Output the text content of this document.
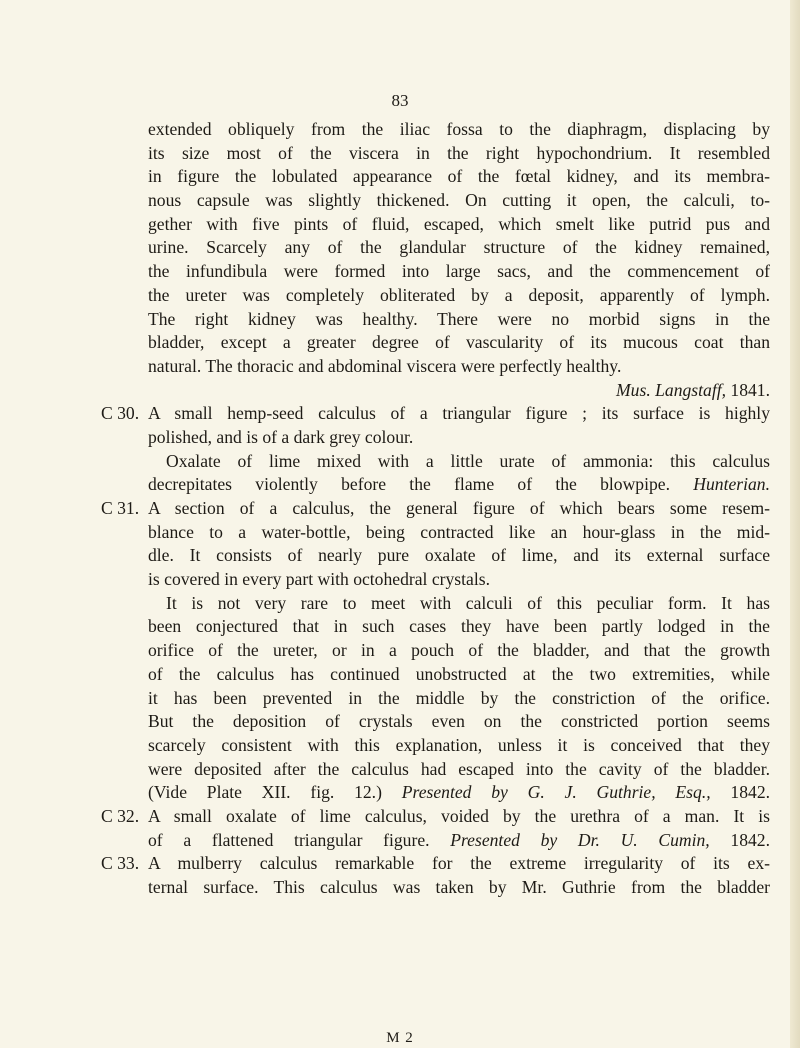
83
extended obliquely from the iliac fossa to the diaphragm, displacing by
its size most of the viscera in the right hypochondrium. It resembled
in figure the lobulated appearance of the fœtal kidney, and its membra-
nous capsule was slightly thickened. On cutting it open, the calculi, to-
gether with five pints of fluid, escaped, which smelt like putrid pus and
urine. Scarcely any of the glandular structure of the kidney remained,
the infundibula were formed into large sacs, and the commencement of
the ureter was completely obliterated by a deposit, apparently of lymph.
The right kidney was healthy. There were no morbid signs in the
bladder, except a greater degree of vascularity of its mucous coat than
natural. The thoracic and abdominal viscera were perfectly healthy.
Mus. Langstaff, 1841.
C 30. A small hemp-seed calculus of a triangular figure ; its surface is highly
polished, and is of a dark grey colour.
Oxalate of lime mixed with a little urate of ammonia: this calculus
decrepitates violently before the flame of the blowpipe. Hunterian.
C 31. A section of a calculus, the general figure of which bears some resem-
blance to a water-bottle, being contracted like an hour-glass in the mid-
dle. It consists of nearly pure oxalate of lime, and its external surface
is covered in every part with octohedral crystals.
It is not very rare to meet with calculi of this peculiar form. It has
been conjectured that in such cases they have been partly lodged in the
orifice of the ureter, or in a pouch of the bladder, and that the growth
of the calculus has continued unobstructed at the two extremities, while
it has been prevented in the middle by the constriction of the orifice.
But the deposition of crystals even on the constricted portion seems
scarcely consistent with this explanation, unless it is conceived that they
were deposited after the calculus had escaped into the cavity of the bladder.
(Vide Plate XII. fig. 12.) Presented by G. J. Guthrie, Esq., 1842.
C 32. A small oxalate of lime calculus, voided by the urethra of a man. It is
of a flattened triangular figure. Presented by Dr. U. Cumin, 1842.
C 33. A mulberry calculus remarkable for the extreme irregularity of its ex-
ternal surface. This calculus was taken by Mr. Guthrie from the bladder
M 2
